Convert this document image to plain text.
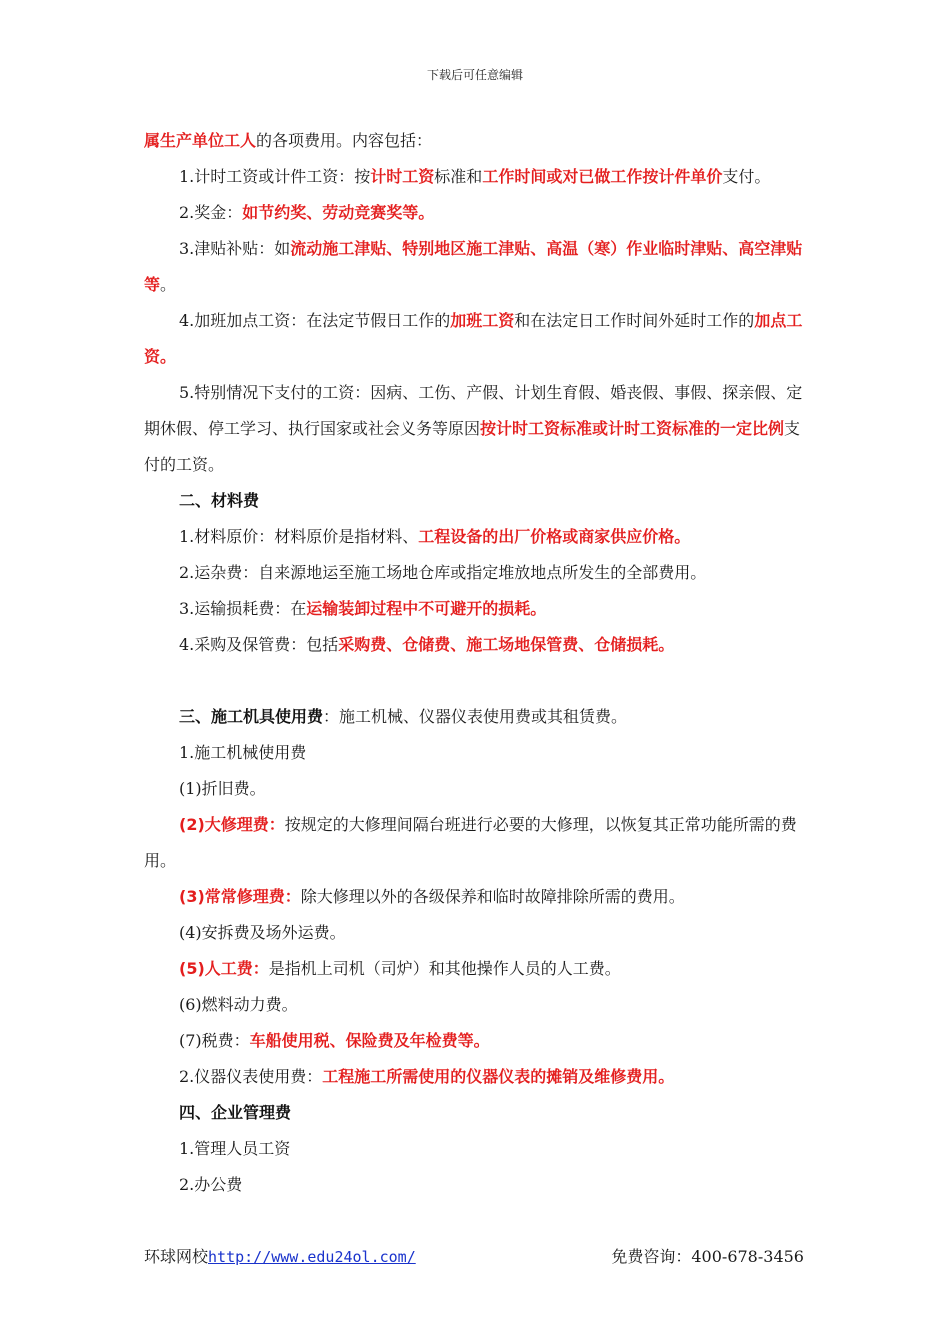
下载后可任意编辑

属生产单位工人的各项费用。内容包括：

1.计时工资或计件工资：按计时工资标准和工作时间或对已做工作按计件单价支付。

2.奖金：如节约奖、劳动竞赛奖等。

3.津贴补贴：如流动施工津贴、特别地区施工津贴、高温（寒）作业临时津贴、高空津贴等。

4.加班加点工资：在法定节假日工作的加班工资和在法定日工作时间外延时工作的加点工资。

5.特别情况下支付的工资：因病、工伤、产假、计划生育假、婚丧假、事假、探亲假、定期休假、停工学习、执行国家或社会义务等原因按计时工资标准或计时工资标准的一定比例支付的工资。

二、材料费

1.材料原价：材料原价是指材料、工程设备的出厂价格或商家供应价格。

2.运杂费：自来源地运至施工场地仓库或指定堆放地点所发生的全部费用。

3.运输损耗费：在运输装卸过程中不可避开的损耗。

4.采购及保管费：包括采购费、仓储费、施工场地保管费、仓储损耗。

三、施工机具使用费：施工机械、仪器仪表使用费或其租赁费。

1.施工机械使用费

(1)折旧费。

(2)大修理费：按规定的大修理间隔台班进行必要的大修理，以恢复其正常功能所需的费用。

(3)常常修理费：除大修理以外的各级保养和临时故障排除所需的费用。

(4)安拆费及场外运费。

(5)人工费：是指机上司机（司炉）和其他操作人员的人工费。

(6)燃料动力费。

(7)税费：车船使用税、保险费及年检费等。

2.仪器仪表使用费：工程施工所需使用的仪器仪表的摊销及维修费用。

四、企业管理费

1.管理人员工资

2.办公费

环球网校http://www.edu24ol.com/	免费咨询：400-678-3456
